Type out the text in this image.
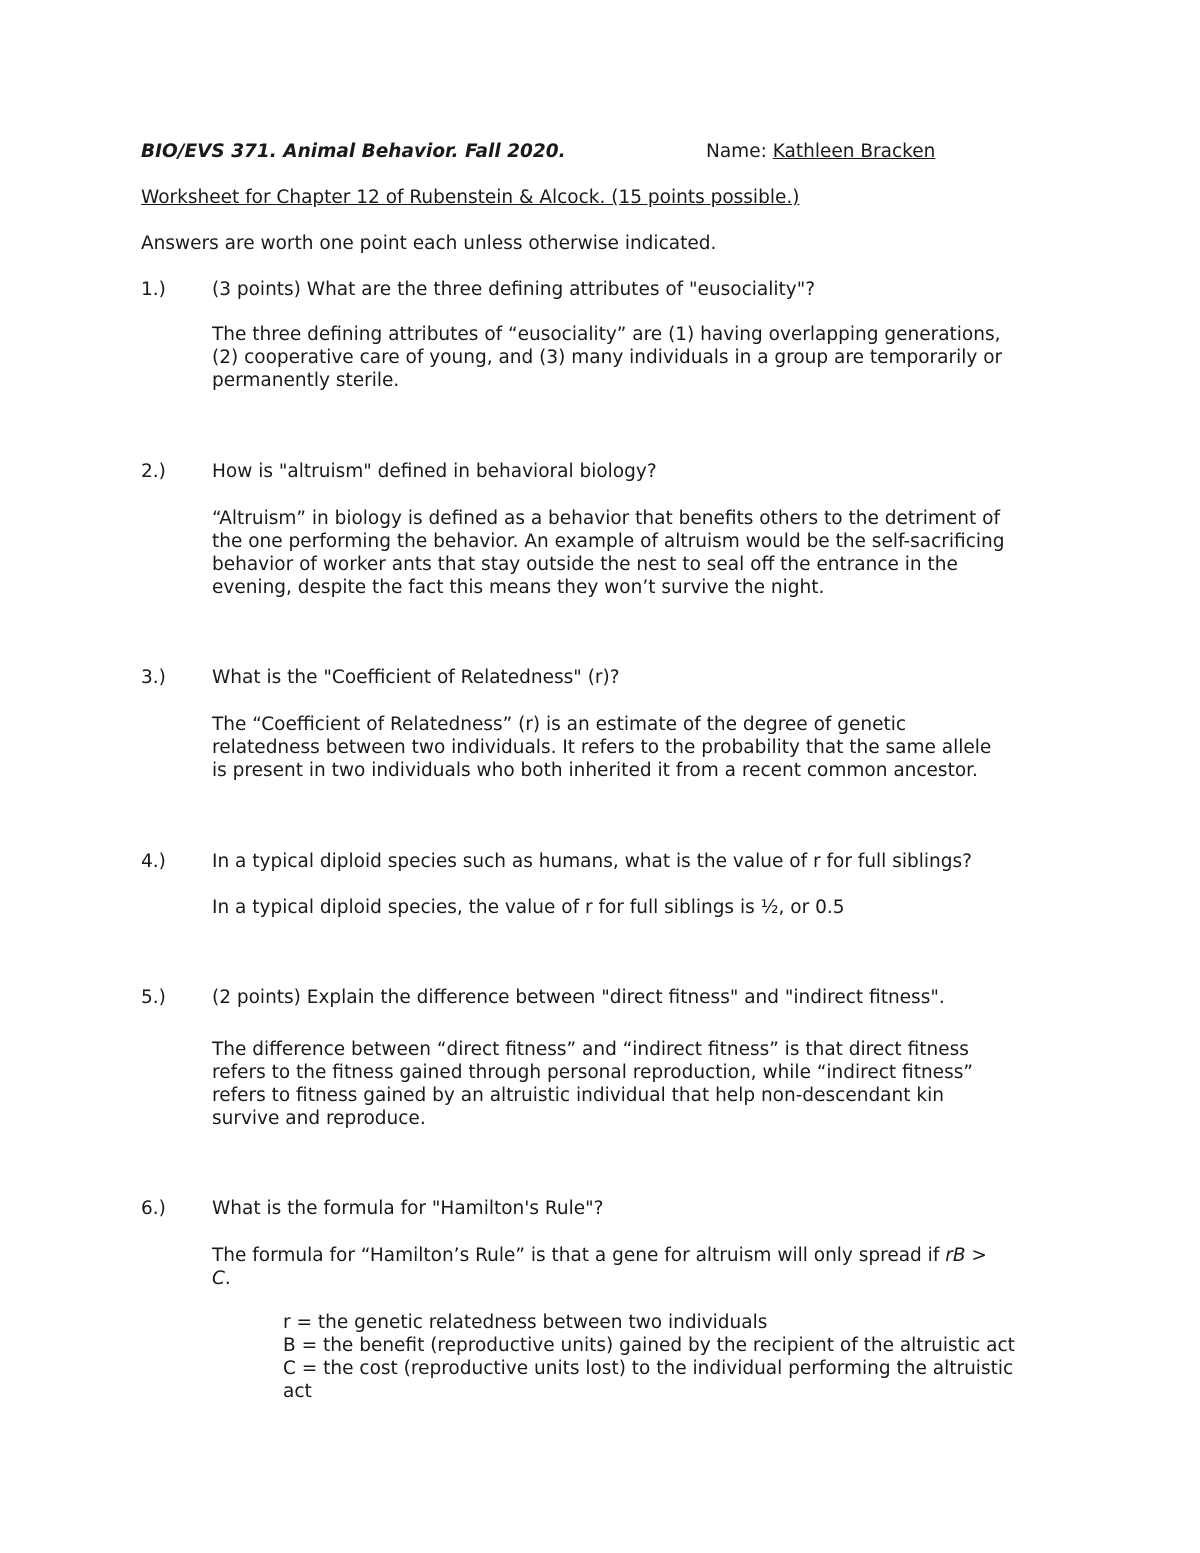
BIO/EVS 371. Animal Behavior. Fall 2020.	Name: Kathleen Bracken
Worksheet for Chapter 12 of Rubenstein & Alcock. (15 points possible.)
Answers are worth one point each unless otherwise indicated.
1.) (3 points) What are the three defining attributes of "eusociality"?
The three defining attributes of “eusociality” are (1) having overlapping generations,
(2) cooperative care of young, and (3) many individuals in a group are temporarily or
permanently sterile.
2.) How is "altruism" defined in behavioral biology?
“Altruism” in biology is defined as a behavior that benefits others to the detriment of
the one performing the behavior. An example of altruism would be the self-sacrificing
behavior of worker ants that stay outside the nest to seal off the entrance in the
evening, despite the fact this means they won’t survive the night.
3.) What is the "Coefficient of Relatedness" (r)?
The “Coefficient of Relatedness” (r) is an estimate of the degree of genetic
relatedness between two individuals. It refers to the probability that the same allele
is present in two individuals who both inherited it from a recent common ancestor.
4.) In a typical diploid species such as humans, what is the value of r for full siblings?
In a typical diploid species, the value of r for full siblings is ½, or 0.5
5.) (2 points) Explain the difference between "direct fitness" and "indirect fitness".
The difference between “direct fitness” and “indirect fitness” is that direct fitness
refers to the fitness gained through personal reproduction, while “indirect fitness”
refers to fitness gained by an altruistic individual that help non-descendant kin
survive and reproduce.
6.) What is the formula for "Hamilton's Rule"?
The formula for “Hamilton’s Rule” is that a gene for altruism will only spread if rB >
C.
r = the genetic relatedness between two individuals
B = the benefit (reproductive units) gained by the recipient of the altruistic act
C = the cost (reproductive units lost) to the individual performing the altruistic
act
